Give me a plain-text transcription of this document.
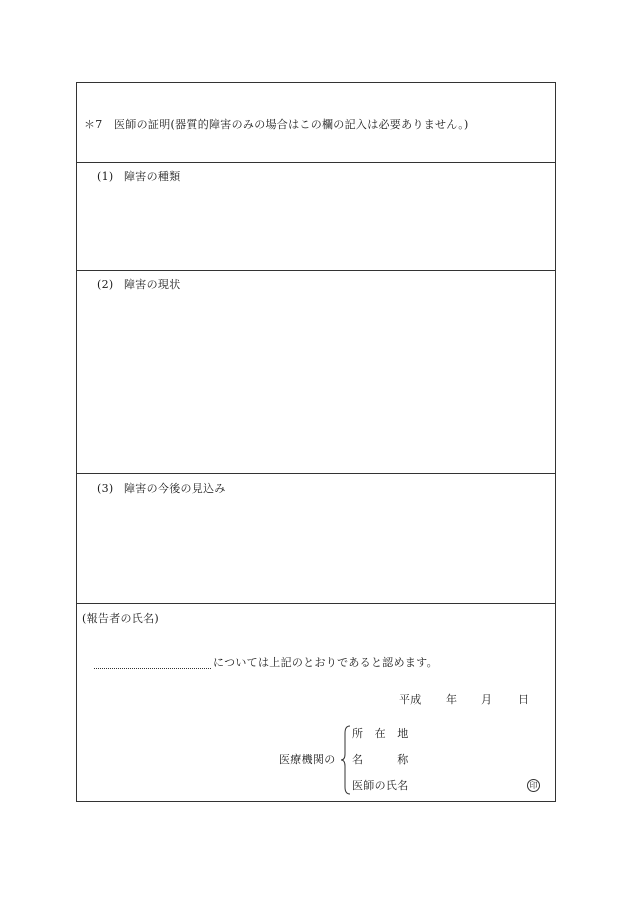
＊7 医師の証明(器質的障害のみの場合はこの欄の記入は必要ありません。)
(1) 障害の種類
(2) 障害の現状
(3) 障害の今後の見込み
(報告者の氏名)
については上記のとおりであると認めます。
平成 年 月 日
医療機関の
所　在　地
名　　　称
医師の氏名	印
